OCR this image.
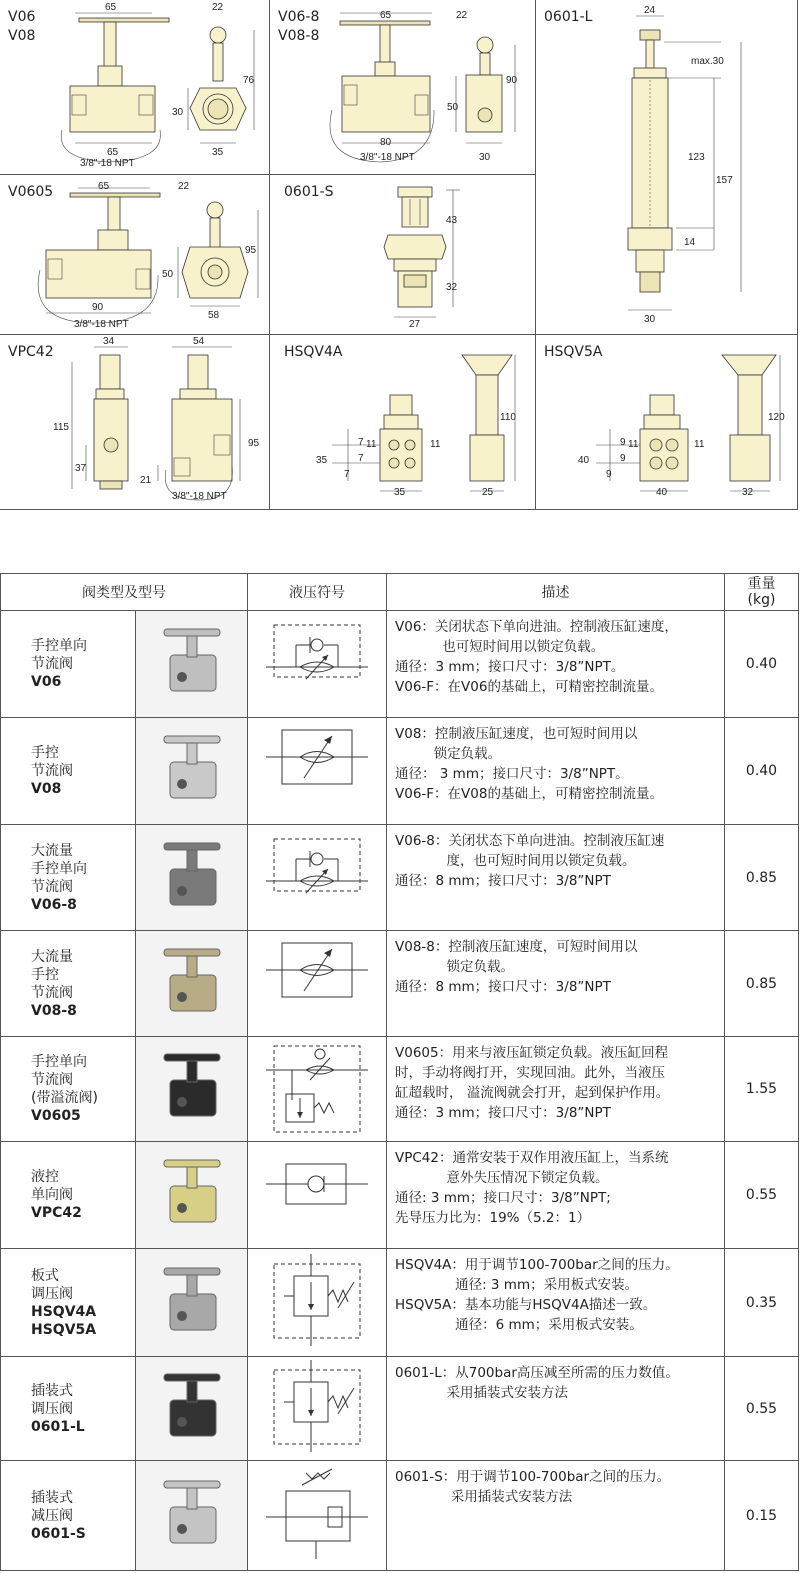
V06
V08
65	22
76
30
65	35
3/8"-18 NPT
V06-8
V08-8
65	22
90
50
80
30
3/8"-18 NPT
0601-L	24
max.30
123
157
14
30
V0605	65	22
95
50
90
58
3/8"-18 NPT
0601-S
43
32
27
VPC42
34	54
115
95
37
21
3/8"-18 NPT
HSQV4A
110
7 11	11
35	7
7
35	25
HSQV5A
120
9 11	11
40	9
9
40	32
阀类型及型号		液压符号	描述	重量
(kg)

手控单向
节流阀
V06			V06：关闭状态下单向进油。控制液压缸速度，
也可短时间用以锁定负载。
通径：3 mm；接口尺寸：3/8”NPT。
V06-F：在V06的基础上，可精密控制流量。	0.40

手控
节流阀
V08			V08：控制液压缸速度，也可短时间用以
锁定负载。
通径： 3 mm；接口尺寸：3/8”NPT。
V06-F：在V08的基础上，可精密控制流量。	0.40

大流量
手控单向
节流阀
V06-8			V06-8：关闭状态下单向进油。控制液压缸速
度，也可短时间用以锁定负载。
通径：8 mm；接口尺寸：3/8”NPT	0.85

大流量
手控
节流阀
V08-8			V08-8：控制液压缸速度，可短时间用以
锁定负载。
通径：8 mm；接口尺寸：3/8”NPT	0.85

手控单向
节流阀
(带溢流阀)
V0605			V0605：用来与液压缸锁定负载。液压缸回程
时，手动将阀打开，实现回油。此外，当液压
缸超载时， 溢流阀就会打开，起到保护作用。
通径：3 mm；接口尺寸：3/8”NPT	1.55

液控
单向阀
VPC42			VPC42：通常安装于双作用液压缸上，当系统
意外失压情况下锁定负载。
通径: 3 mm；接口尺寸：3/8”NPT;
先导压力比为：19%（5.2：1）	0.55

板式
调压阀
HSQV4A
HSQV5A			HSQV4A：用于调节100-700bar之间的压力。
通径: 3 mm；采用板式安装。
HSQV5A：基本功能与HSQV4A描述一致。
通径：6 mm；采用板式安装。	0.35

插装式
调压阀
0601-L			0601-L：从700bar高压减至所需的压力数值。
采用插装式安装方法	0.55

插装式
减压阀
0601-S			0601-S：用于调节100-700bar之间的压力。
采用插装式安装方法	0.15
